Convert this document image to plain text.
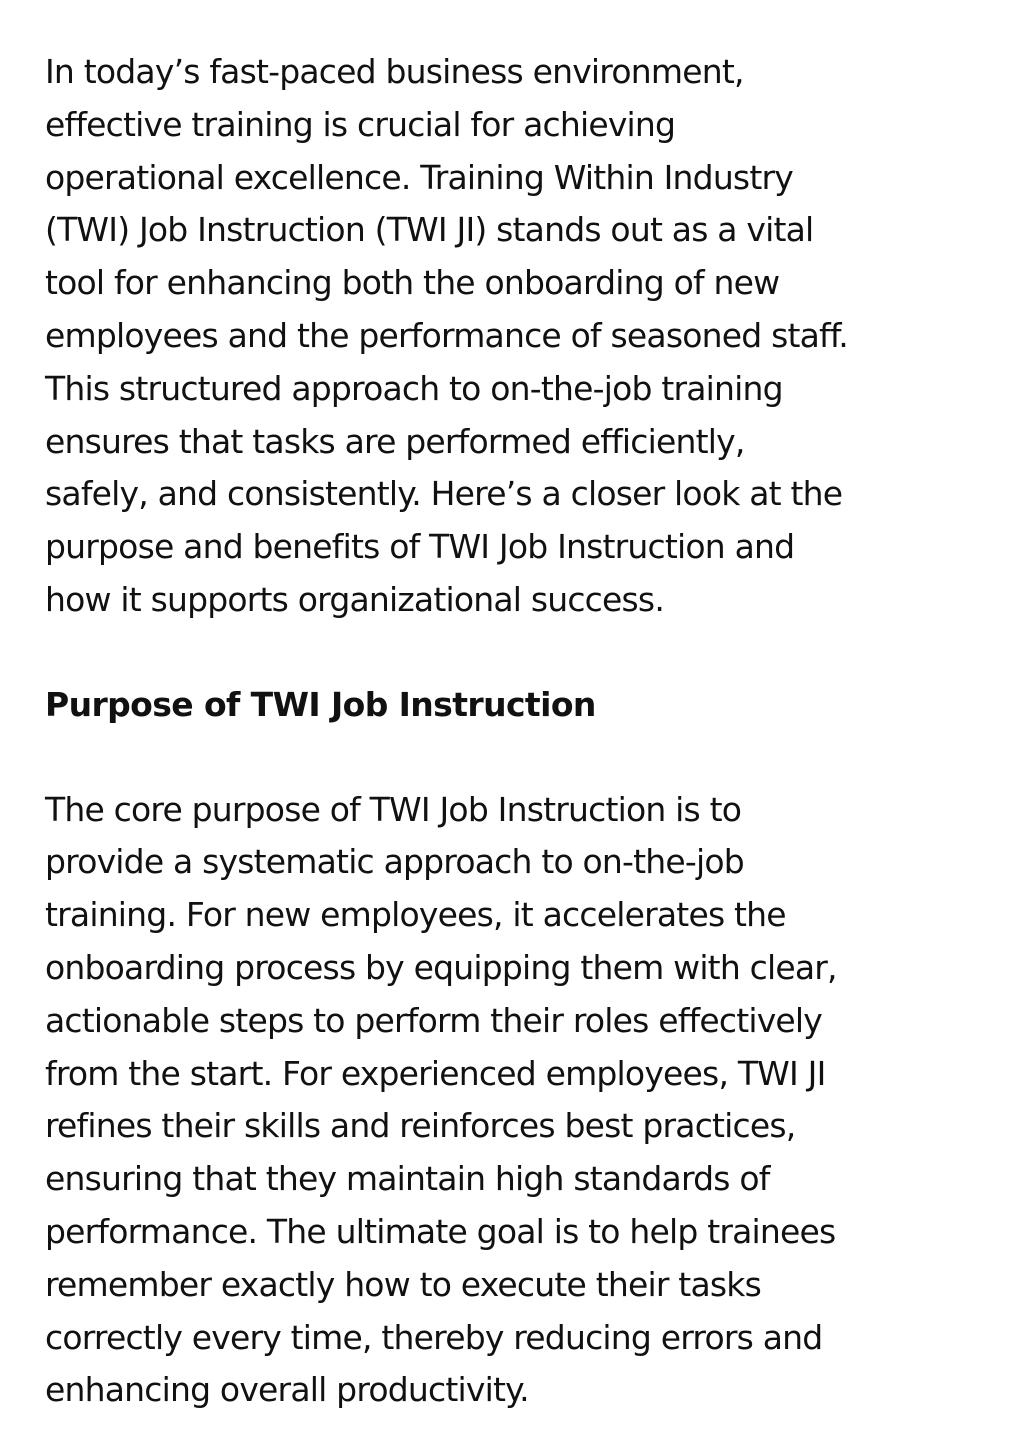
In today’s fast-paced business environment,
effective training is crucial for achieving
operational excellence. Training Within Industry
(TWI) Job Instruction (TWI JI) stands out as a vital
tool for enhancing both the onboarding of new
employees and the performance of seasoned staff.
This structured approach to on-the-job training
ensures that tasks are performed efficiently,
safely, and consistently. Here’s a closer look at the
purpose and benefits of TWI Job Instruction and
how it supports organizational success.

Purpose of TWI Job Instruction

The core purpose of TWI Job Instruction is to
provide a systematic approach to on-the-job
training. For new employees, it accelerates the
onboarding process by equipping them with clear,
actionable steps to perform their roles effectively
from the start. For experienced employees, TWI JI
refines their skills and reinforces best practices,
ensuring that they maintain high standards of
performance. The ultimate goal is to help trainees
remember exactly how to execute their tasks
correctly every time, thereby reducing errors and
enhancing overall productivity.
